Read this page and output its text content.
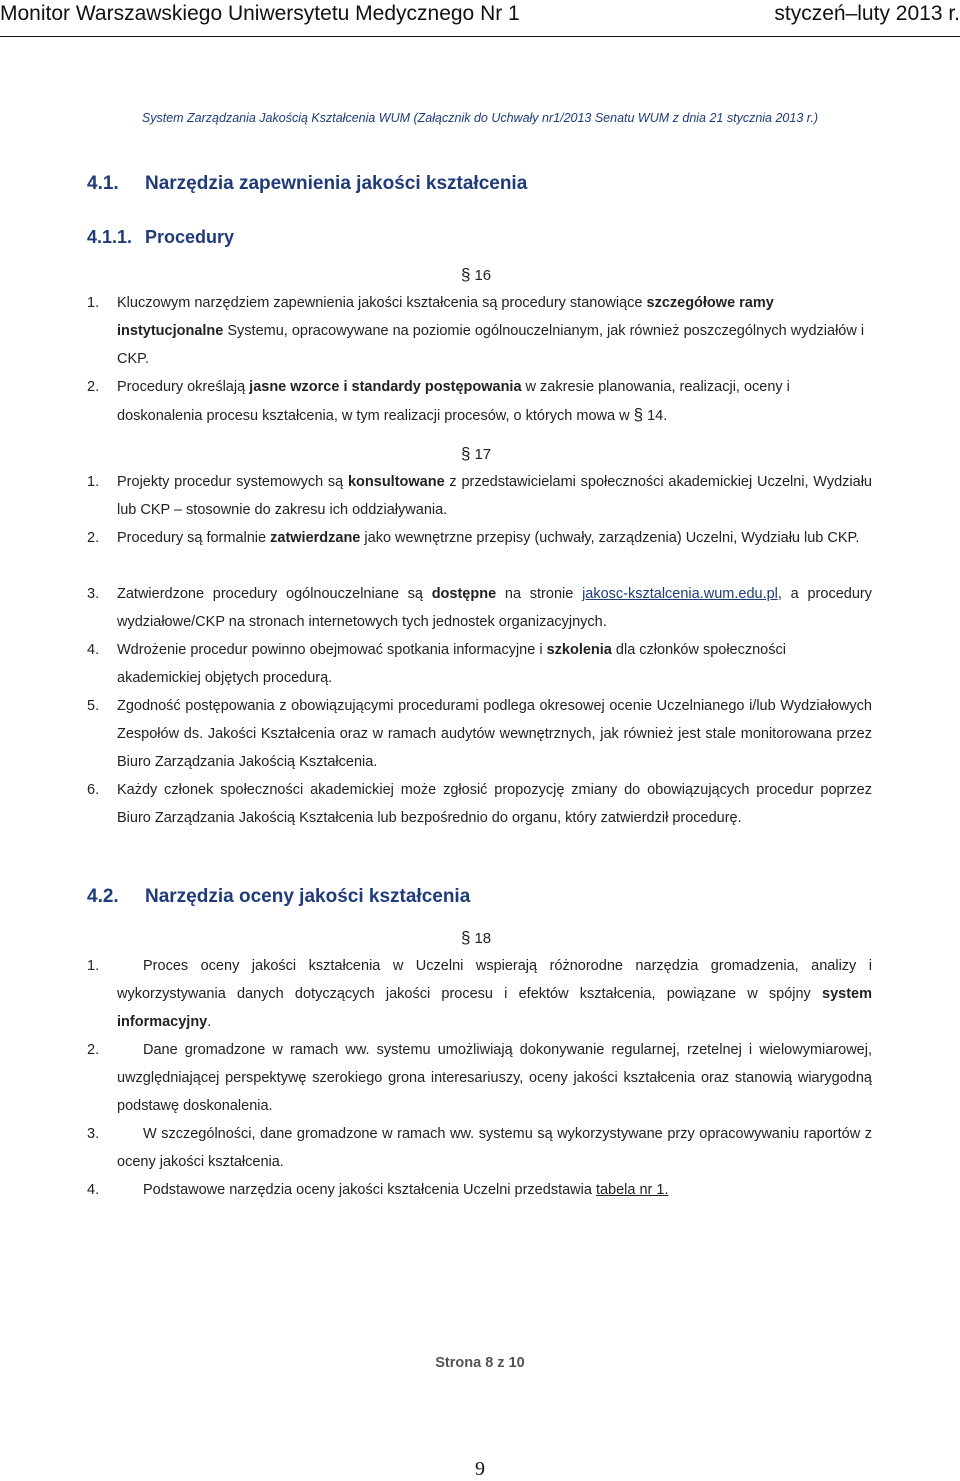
Monitor Warszawskiego Uniwersytetu Medycznego Nr 1	styczeń–luty 2013 r.
System Zarządzania Jakością Kształcenia WUM (Załącznik do Uchwały nr1/2013 Senatu WUM z dnia 21 stycznia 2013 r.)
4.1. Narzędzia zapewnienia jakości kształcenia
4.1.1. Procedury
§ 16
1. Kluczowym narzędziem zapewnienia jakości kształcenia są procedury stanowiące szczegółowe ramy instytucjonalne Systemu, opracowywane na poziomie ogólnouczelnianym, jak również poszczególnych wydziałów i CKP.
2. Procedury określają jasne wzorce i standardy postępowania w zakresie planowania, realizacji, oceny i doskonalenia procesu kształcenia, w tym realizacji procesów, o których mowa w § 14.
§ 17
1. Projekty procedur systemowych są konsultowane z przedstawicielami społeczności akademickiej Uczelni, Wydziału lub CKP – stosownie do zakresu ich oddziaływania.
2. Procedury są formalnie zatwierdzane jako wewnętrzne przepisy (uchwały, zarządzenia) Uczelni, Wydziału lub CKP.
3. Zatwierdzone procedury ogólnouczelniane są dostępne na stronie jakosc-ksztalcenia.wum.edu.pl, a procedury wydziałowe/CKP na stronach internetowych tych jednostek organizacyjnych.
4. Wdrożenie procedur powinno obejmować spotkania informacyjne i szkolenia dla członków społeczności akademickiej objętych procedurą.
5. Zgodność postępowania z obowiązującymi procedurami podlega okresowej ocenie Uczelnianego i/lub Wydziałowych Zespołów ds. Jakości Kształcenia oraz w ramach audytów wewnętrznych, jak również jest stale monitorowana przez Biuro Zarządzania Jakością Kształcenia.
6. Każdy członek społeczności akademickiej może zgłosić propozycję zmiany do obowiązujących procedur poprzez Biuro Zarządzania Jakością Kształcenia lub bezpośrednio do organu, który zatwierdził procedurę.
4.2. Narzędzia oceny jakości kształcenia
§ 18
1.	Proces oceny jakości kształcenia w Uczelni wspierają różnorodne narzędzia gromadzenia, analizy i wykorzystywania danych dotyczących jakości procesu i efektów kształcenia, powiązane w spójny system informacyjny.
2.	Dane gromadzone w ramach ww. systemu umożliwiają dokonywanie regularnej, rzetelnej i wielowymiarowej, uwzględniającej perspektywę szerokiego grona interesariuszy, oceny jakości kształcenia oraz stanowią wiarygodną podstawę doskonalenia.
3.	W szczególności, dane gromadzone w ramach ww. systemu są wykorzystywane przy opracowywaniu raportów z oceny jakości kształcenia.
4.	Podstawowe narzędzia oceny jakości kształcenia Uczelni przedstawia tabela nr 1.
Strona 8 z 10
9
